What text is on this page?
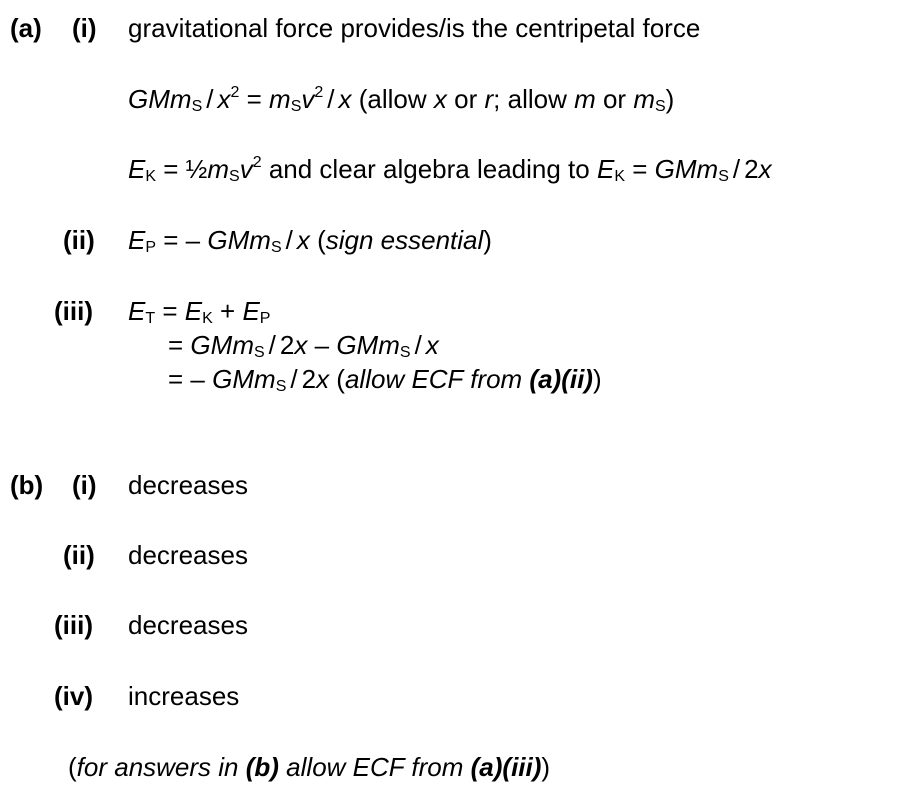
(a) (i) gravitational force provides/is the centripetal force
$GMm_S / x^2 = m_Sv^2 / x$ (allow x or r; allow m or $m_S$)
$E_K$ = $\frac{1}{2}m_Sv^2$ and clear algebra leading to $E_K = GMm_S / 2x$
(ii) $E_P$ = – GMm$_S$ / x (sign essential)
(iii) $E_T = E_K + E_P$
= GMm$_S$ / 2x – GMm$_S$ / x
= – GMm$_S$ / 2x (allow ECF from (a)(ii))
(b) (i) decreases
(ii) decreases
(iii) decreases
(iv) increases
(for answers in (b) allow ECF from (a)(iii))
